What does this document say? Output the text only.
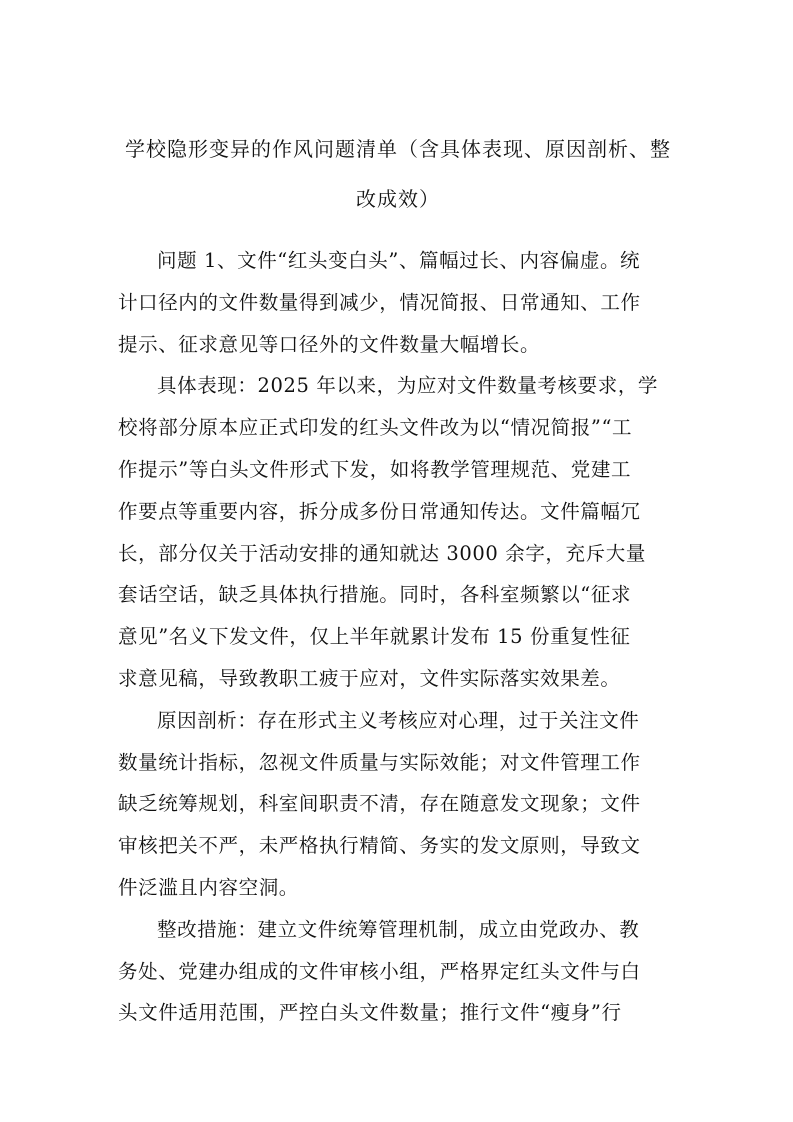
学校隐形变异的作风问题清单（含具体表现、原因剖析、整
改成效）

问题 1、文件“红头变白头”、篇幅过长、内容偏虚。统
计口径内的文件数量得到减少，情况简报、日常通知、工作
提示、征求意见等口径外的文件数量大幅增长。

具体表现：2025 年以来，为应对文件数量考核要求，学
校将部分原本应正式印发的红头文件改为以“情况简报”“工
作提示”等白头文件形式下发，如将教学管理规范、党建工
作要点等重要内容，拆分成多份日常通知传达。文件篇幅冗
长，部分仅关于活动安排的通知就达 3000 余字，充斥大量
套话空话，缺乏具体执行措施。同时，各科室频繁以“征求
意见”名义下发文件，仅上半年就累计发布 15 份重复性征
求意见稿，导致教职工疲于应对，文件实际落实效果差。

原因剖析：存在形式主义考核应对心理，过于关注文件
数量统计指标，忽视文件质量与实际效能；对文件管理工作
缺乏统筹规划，科室间职责不清，存在随意发文现象；文件
审核把关不严，未严格执行精简、务实的发文原则，导致文
件泛滥且内容空洞。

整改措施：建立文件统筹管理机制，成立由党政办、教
务处、党建办组成的文件审核小组，严格界定红头文件与白
头文件适用范围，严控白头文件数量；推行文件“瘦身”行
